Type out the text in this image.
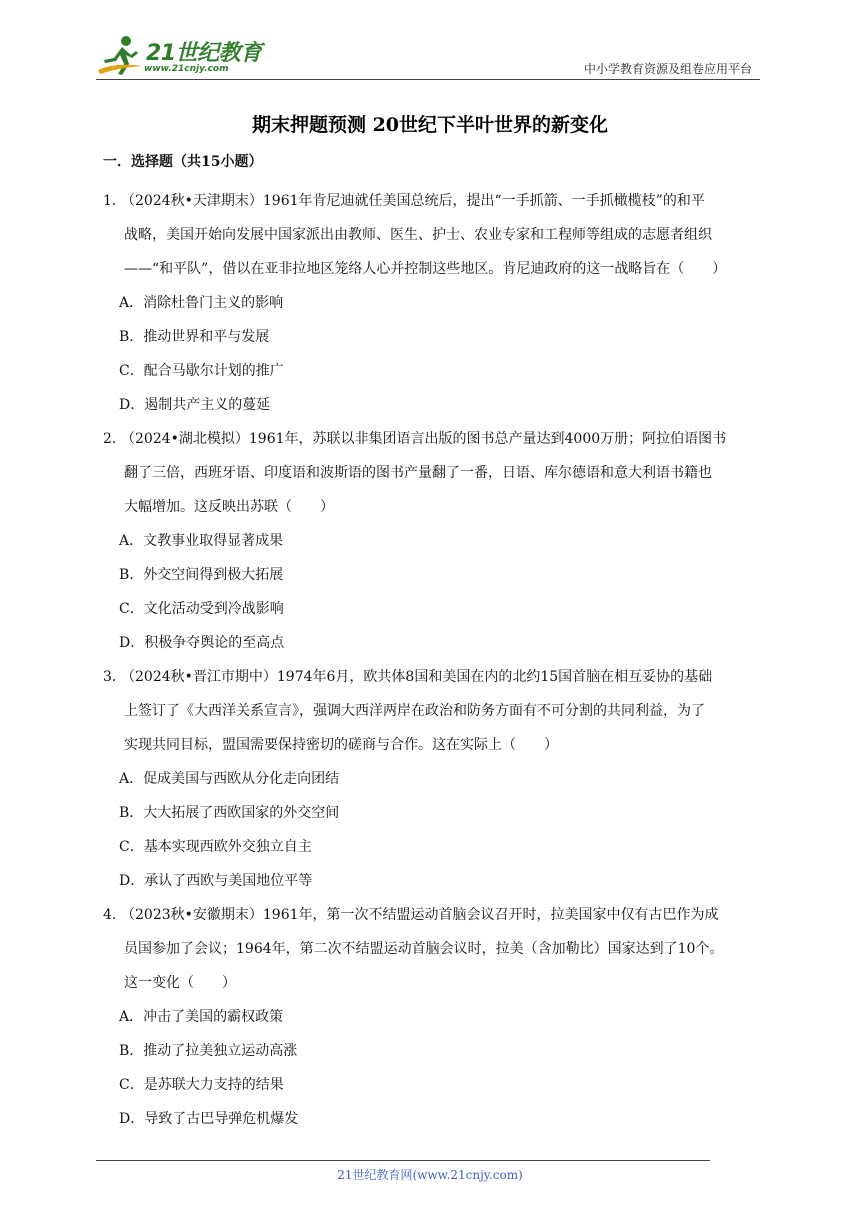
21世纪教育
www.21cnjy.com	中小学教育资源及组卷应用平台
期末押题预测 20世纪下半叶世界的新变化
一．选择题（共15小题）
1．（2024秋•天津期末）1961年肯尼迪就任美国总统后，提出“一手抓箭、一手抓橄榄枝”的和平
战略，美国开始向发展中国家派出由教师、医生、护士、农业专家和工程师等组成的志愿者组织
——“和平队”，借以在亚非拉地区笼络人心并控制这些地区。肯尼迪政府的这一战略旨在（　　）
A．消除杜鲁门主义的影响
B．推动世界和平与发展
C．配合马歇尔计划的推广
D．遏制共产主义的蔓延
2．（2024•湖北模拟）1961年，苏联以非集团语言出版的图书总产量达到4000万册；阿拉伯语图书
翻了三倍，西班牙语、印度语和波斯语的图书产量翻了一番，日语、库尔德语和意大利语书籍也
大幅增加。这反映出苏联（　　）
A．文教事业取得显著成果
B．外交空间得到极大拓展
C．文化活动受到冷战影响
D．积极争夺舆论的至高点
3．（2024秋•晋江市期中）1974年6月，欧共体8国和美国在内的北约15国首脑在相互妥协的基础
上签订了《大西洋关系宣言》，强调大西洋两岸在政治和防务方面有不可分割的共同利益，为了
实现共同目标，盟国需要保持密切的磋商与合作。这在实际上（　　）
A．促成美国与西欧从分化走向团结
B．大大拓展了西欧国家的外交空间
C．基本实现西欧外交独立自主
D．承认了西欧与美国地位平等
4．（2023秋•安徽期末）1961年，第一次不结盟运动首脑会议召开时，拉美国家中仅有古巴作为成
员国参加了会议；1964年，第二次不结盟运动首脑会议时，拉美（含加勒比）国家达到了10个。
这一变化（　　）
A．冲击了美国的霸权政策
B．推动了拉美独立运动高涨
C．是苏联大力支持的结果
D．导致了古巴导弹危机爆发
21世纪教育网(www.21cnjy.com)
